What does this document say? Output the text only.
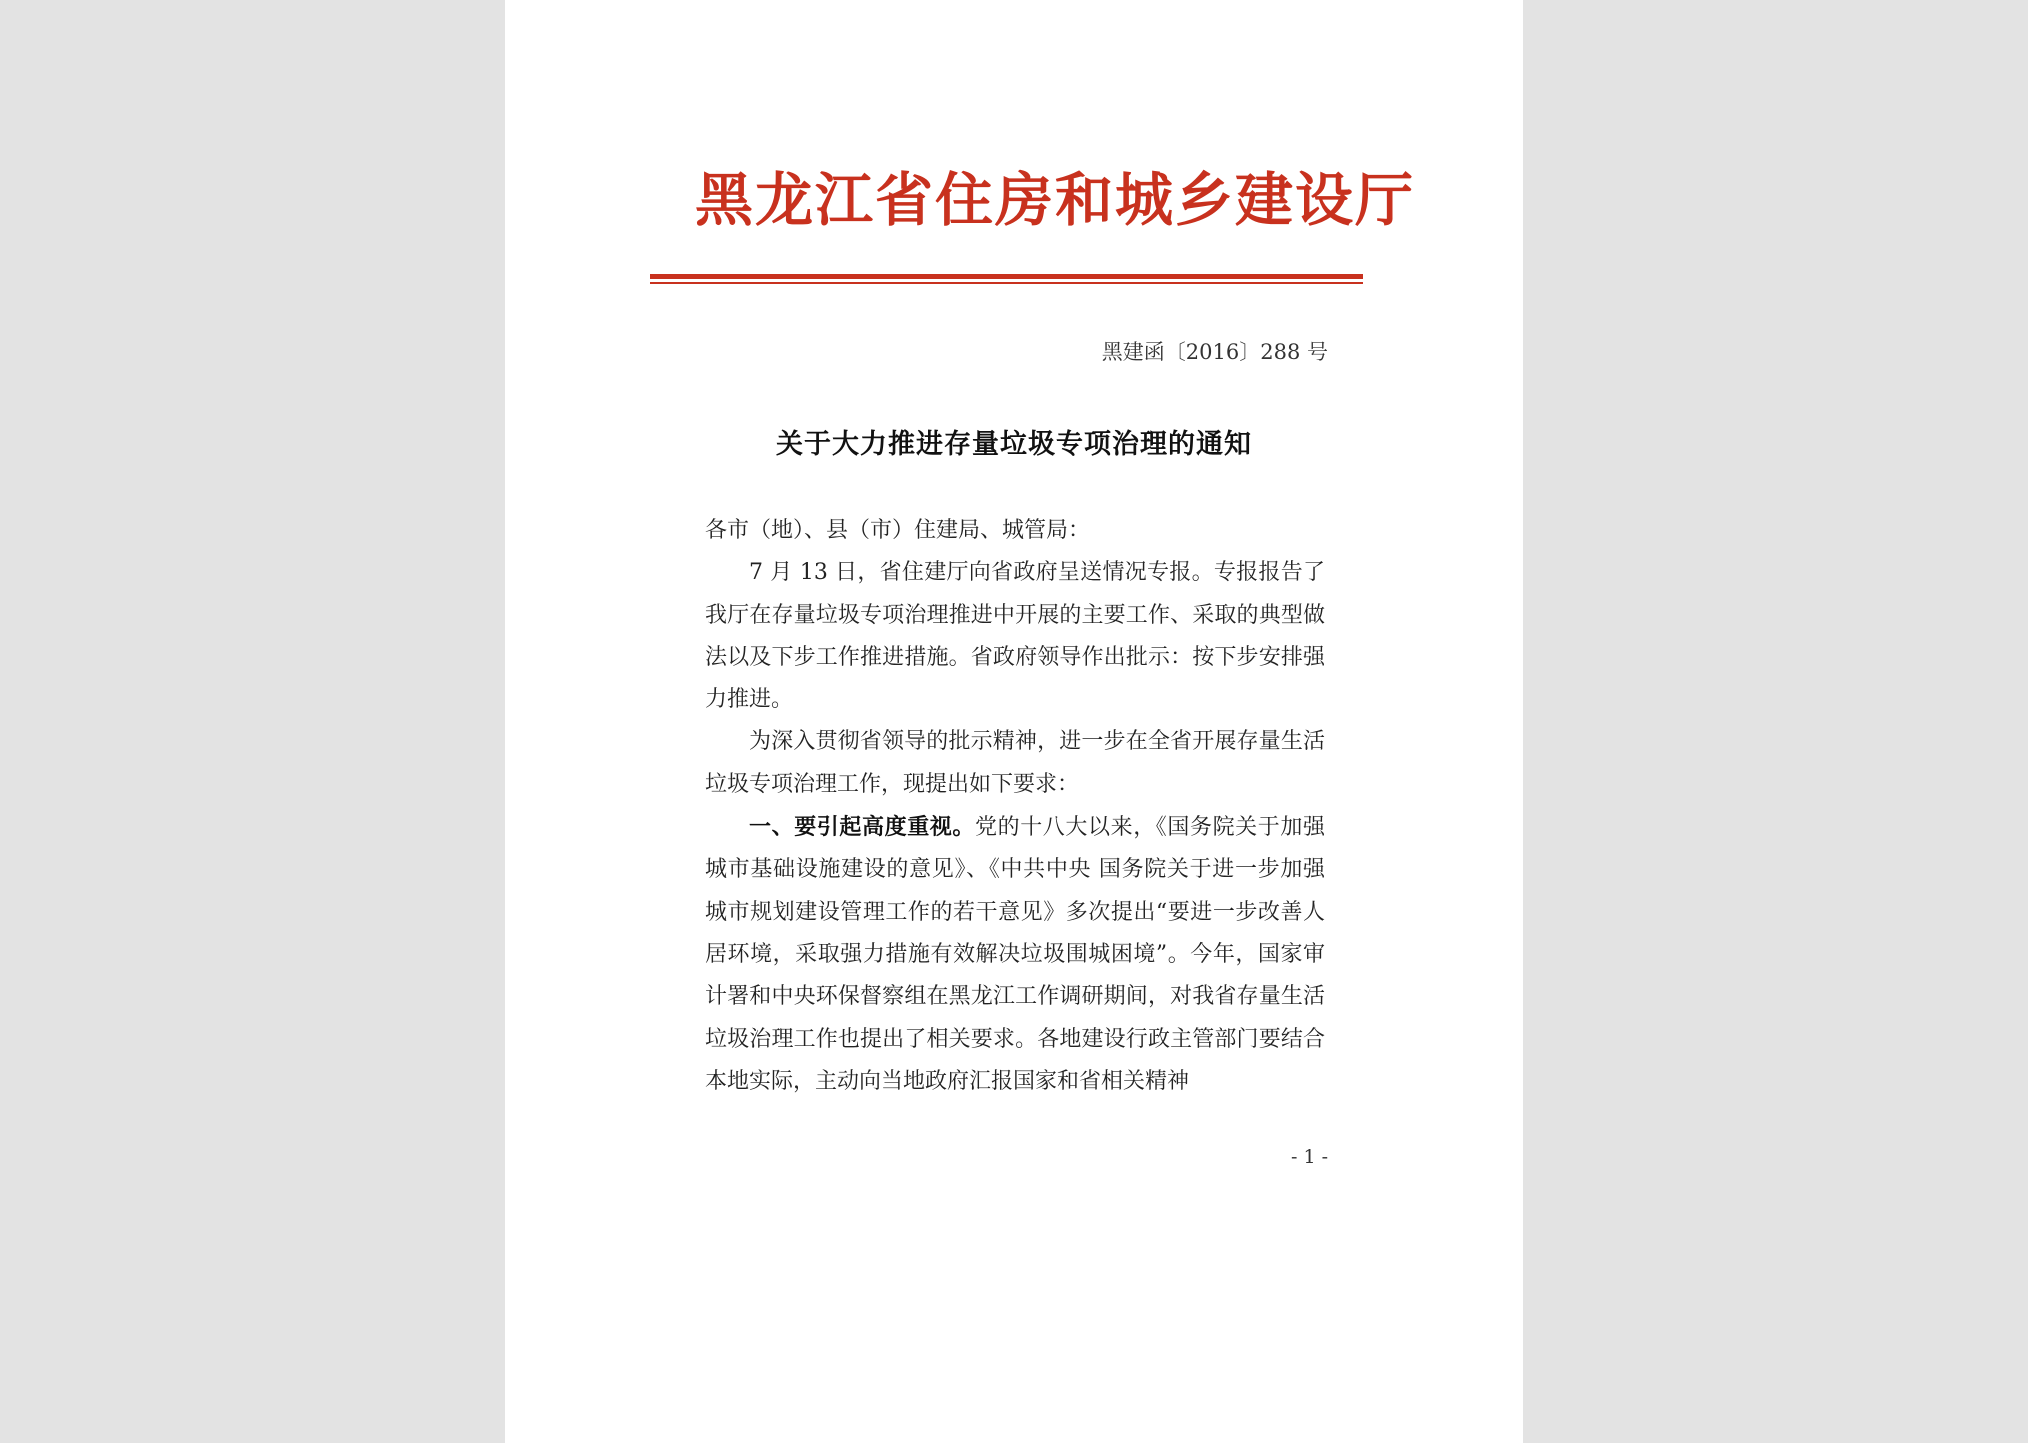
黑龙江省住房和城乡建设厅
黑建函〔2016〕288 号
关于大力推进存量垃圾专项治理的通知

各市（地）、县（市）住建局、城管局：

7 月 13 日，省住建厅向省政府呈送情况专报。专报报告了我厅在存量垃圾专项治理推进中开展的主要工作、采取的典型做法以及下步工作推进措施。省政府领导作出批示：按下步安排强力推进。

为深入贯彻省领导的批示精神，进一步在全省开展存量生活垃圾专项治理工作，现提出如下要求：

一、要引起高度重视。党的十八大以来，《国务院关于加强城市基础设施建设的意见》、《中共中央 国务院关于进一步加强城市规划建设管理工作的若干意见》多次提出“要进一步改善人居环境，采取强力措施有效解决垃圾围城困境”。今年，国家审计署和中央环保督察组在黑龙江工作调研期间，对我省存量生活垃圾治理工作也提出了相关要求。各地建设行政主管部门要结合本地实际，主动向当地政府汇报国家和省相关精神

- 1 -
